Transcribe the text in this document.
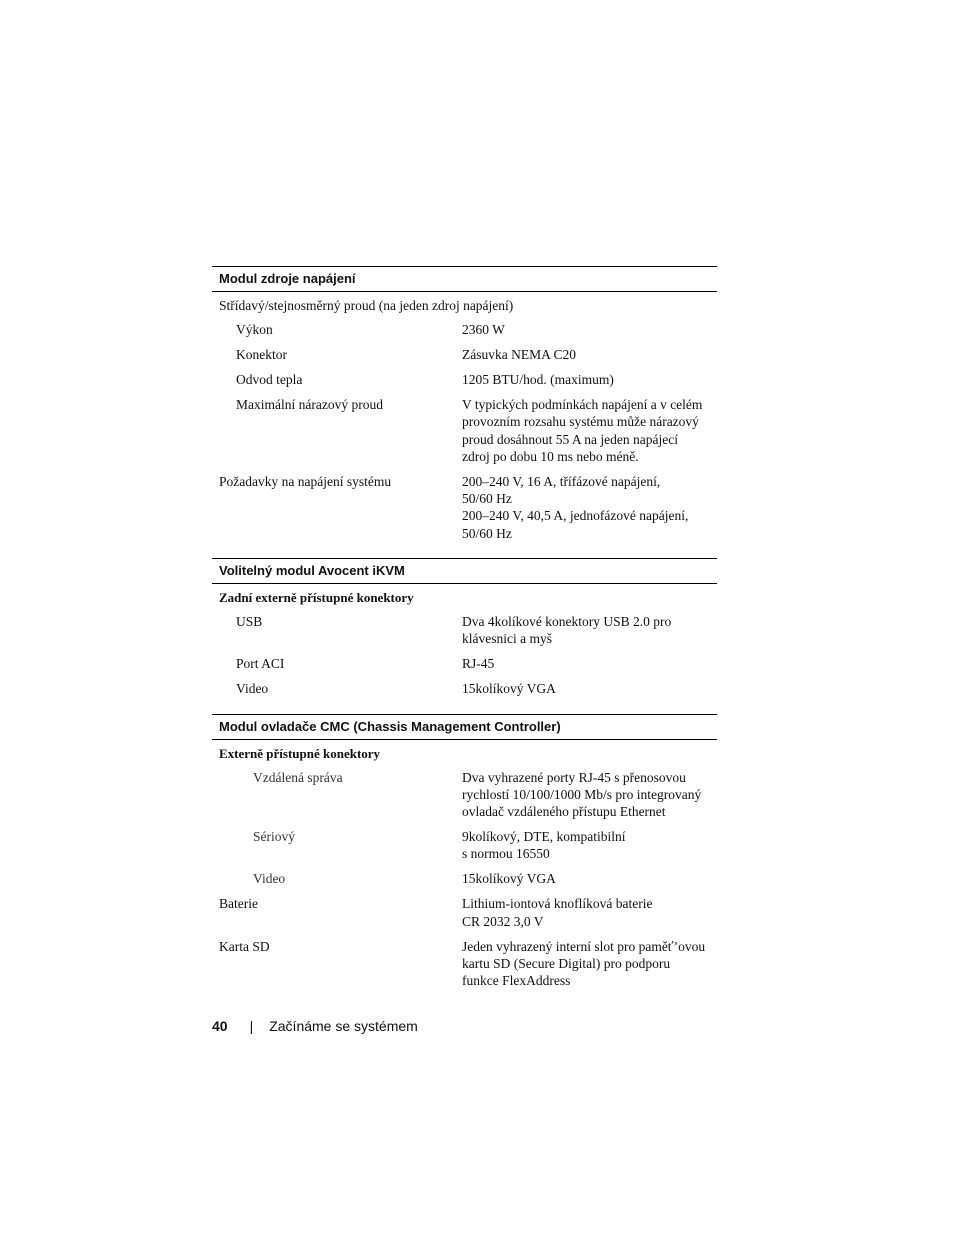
Modul zdroje napájení
Střídavý/stejnosměrný proud (na jeden zdroj napájení)
Výkon	2360 W
Konektor	Zásuvka NEMA C20
Odvod tepla	1205 BTU/hod. (maximum)
Maximální nárazový proud	V typických podmínkách napájení a v celém
provozním rozsahu systému může nárazový
proud dosáhnout 55 A na jeden napájecí
zdroj po dobu 10 ms nebo méně.
Požadavky na napájení systému	200–240 V, 16 A, třífázové napájení,
50/60 Hz
200–240 V, 40,5 A, jednofázové napájení,
50/60 Hz
Volitelný modul Avocent iKVM
Zadní externě přístupné konektory
USB	Dva 4kolíkové konektory USB 2.0 pro
klávesnici a myš
Port ACI	RJ-45
Video	15kolíkový VGA
Modul ovladače CMC (Chassis Management Controller)
Externě přístupné konektory
Vzdálená správa	Dva vyhrazené porty RJ-45 s přenosovou
rychlostí 10/100/1000 Mb/s pro integrovaný
ovladač vzdáleného přístupu Ethernet
Sériový	9kolíkový, DTE, kompatibilní
s normou 16550
Video	15kolíkový VGA
Baterie	Lithium-iontová knoflíková baterie
CR 2032 3,0 V
Karta SD	Jeden vyhrazený interní slot pro paměť’ovou
kartu SD (Secure Digital) pro podporu
funkce FlexAddress
40 | Začínáme se systémem
